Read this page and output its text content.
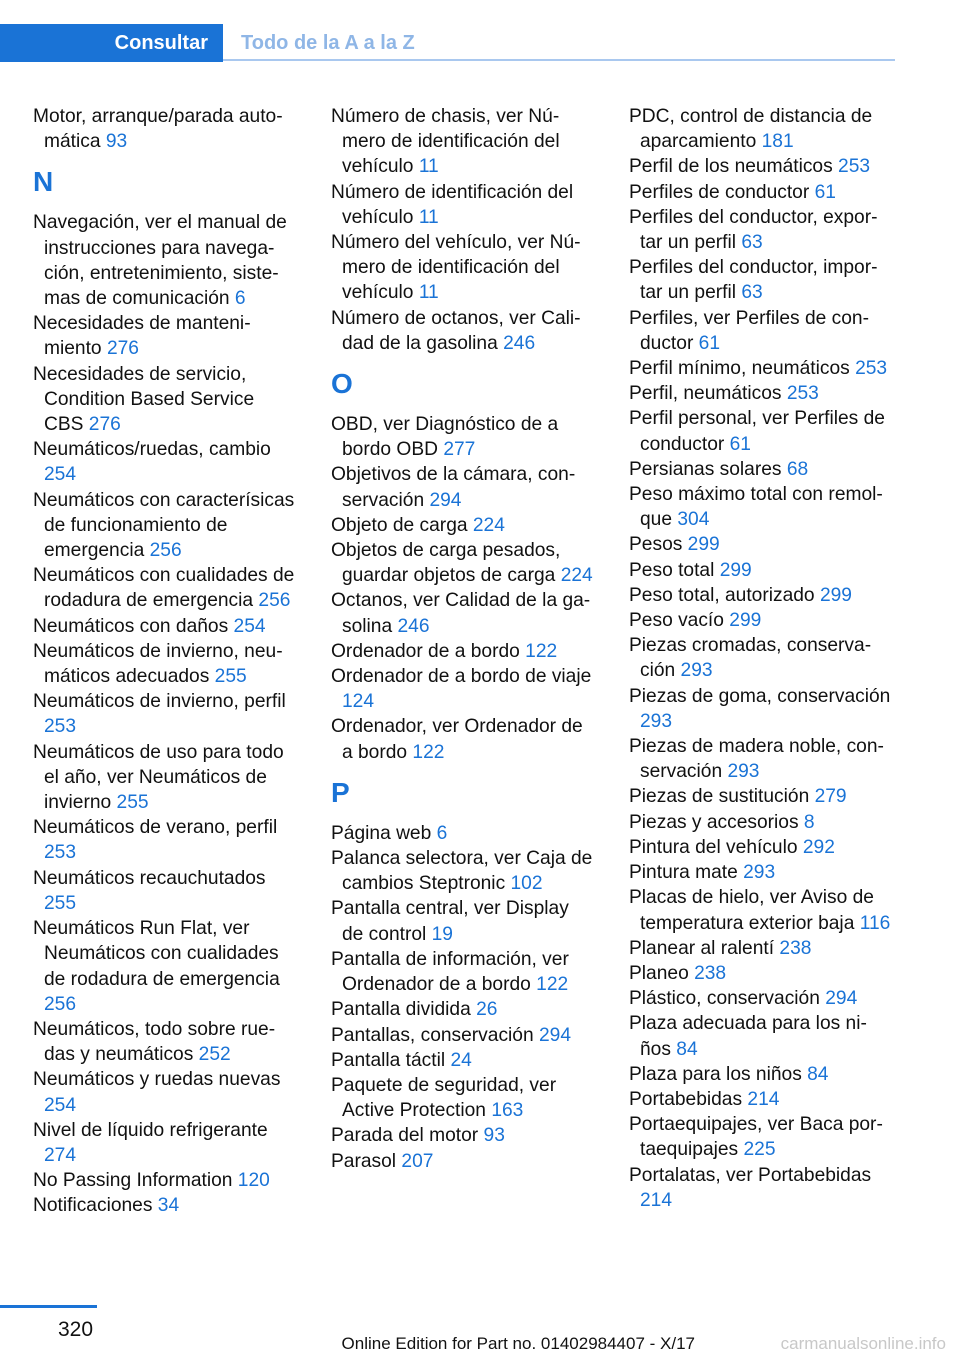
Consultar	Todo de la A a la Z
Motor, arranque/parada automática 93
N
Navegación, ver el manual de instrucciones para navegación, entretenimiento, sistemas de comunicación 6
Necesidades de mantenimiento 276
Necesidades de servicio, Condition Based Service CBS 276
Neumáticos/ruedas, cambio 254
Neumáticos con caracterísicas de funcionamiento de emergencia 256
Neumáticos con cualidades de rodadura de emergencia 256
Neumáticos con daños 254
Neumáticos de invierno, neumáticos adecuados 255
Neumáticos de invierno, perfil 253
Neumáticos de uso para todo el año, ver Neumáticos de invierno 255
Neumáticos de verano, perfil 253
Neumáticos recauchutados 255
Neumáticos Run Flat, ver Neumáticos con cualidades de rodadura de emergencia 256
Neumáticos, todo sobre ruedas y neumáticos 252
Neumáticos y ruedas nuevas 254
Nivel de líquido refrigerante 274
No Passing Information 120
Notificaciones 34
Número de chasis, ver Número de identificación del vehículo 11
Número de identificación del vehículo 11
Número del vehículo, ver Número de identificación del vehículo 11
Número de octanos, ver Calidad de la gasolina 246
O
OBD, ver Diagnóstico de a bordo OBD 277
Objetivos de la cámara, conservación 294
Objeto de carga 224
Objetos de carga pesados, guardar objetos de carga 224
Octanos, ver Calidad de la gasolina 246
Ordenador de a bordo 122
Ordenador de a bordo de viaje 124
Ordenador, ver Ordenador de a bordo 122
P
Página web 6
Palanca selectora, ver Caja de cambios Steptronic 102
Pantalla central, ver Display de control 19
Pantalla de información, ver Ordenador de a bordo 122
Pantalla dividida 26
Pantallas, conservación 294
Pantalla táctil 24
Paquete de seguridad, ver Active Protection 163
Parada del motor 93
Parasol 207
PDC, control de distancia de aparcamiento 181
Perfil de los neumáticos 253
Perfiles de conductor 61
Perfiles del conductor, exportar un perfil 63
Perfiles del conductor, importar un perfil 63
Perfiles, ver Perfiles de conductor 61
Perfil mínimo, neumáticos 253
Perfil, neumáticos 253
Perfil personal, ver Perfiles de conductor 61
Persianas solares 68
Peso máximo total con remolque 304
Pesos 299
Peso total 299
Peso total, autorizado 299
Peso vacío 299
Piezas cromadas, conservación 293
Piezas de goma, conservación 293
Piezas de madera noble, conservación 293
Piezas de sustitución 279
Piezas y accesorios 8
Pintura del vehículo 292
Pintura mate 293
Placas de hielo, ver Aviso de temperatura exterior baja 116
Planear al ralentí 238
Planeo 238
Plástico, conservación 294
Plaza adecuada para los niños 84
Plaza para los niños 84
Portabebidas 214
Portaequipajes, ver Baca portaequipajes 225
Portalatas, ver Portabebidas 214
320
Online Edition for Part no. 01402984407 - X/17	carmanualsonline.info
